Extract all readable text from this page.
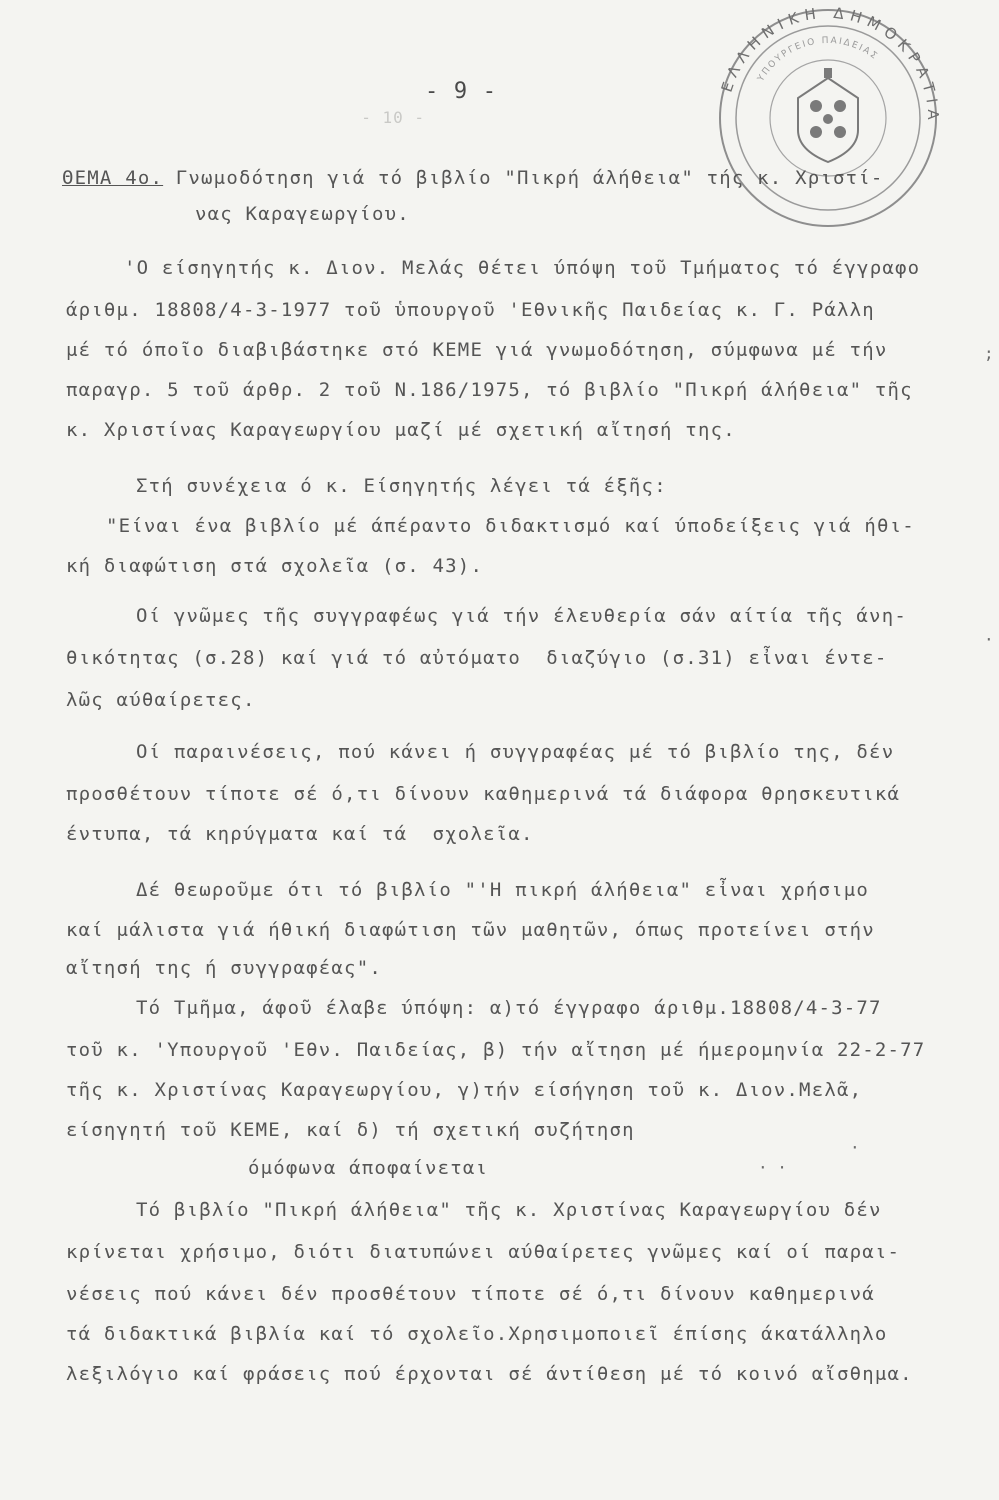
- 9 -	ΕΛΛΗΝΙΚΗ ΔΗΜΟΚΡΑΤΙΑ
ΥΠΟΥΡΓΕΙΟ ΠΑΙΔΕΙΑΣ
- 10 -
ΘΕΜΑ 4ο. Γνωμοδότηση γιά τό βιβλίο "Πικρή άλήθεια" τής κ. Χριστί-
νας Καραγεωργίου.
'Ο είσηγητής κ. Διον. Μελάς θέτει ύπόψη τοῦ Τμήματος τό έγγραφο
άριθμ. 18808/4-3-1977 τοῦ ὑπουργοῦ 'Εθνικῆς Παιδείας κ. Γ. Ράλλη
μέ τό όποῖο διαβιβάστηκε στό ΚΕΜΕ γιά γνωμοδότηση, σύμφωνα μέ τήν
παραγρ. 5 τοῦ άρθρ. 2 τοῦ Ν.186/1975, τό βιβλίο "Πικρή άλήθεια" τῆς
κ. Χριστίνας Καραγεωργίου μαζί μέ σχετική αἴτησή της.
Στή συνέχεια ό κ. Είσηγητής λέγει τά έξῆς:
"Είναι ένα βιβλίο μέ άπέραντο διδακτισμό καί ύποδείξεις γιά ήθι-
κή διαφώτιση στά σχολεῖα (σ. 43).
Οί γνῶμες τῆς συγγραφέως γιά τήν έλευθερία σάν αίτία τῆς άνη-
θικότητας (σ.28) καί γιά τό αὐτόματο  διαζύγιο (σ.31) εἶναι έντε-
λῶς αύθαίρετες.
Οί παραινέσεις, πού κάνει ή συγγραφέας μέ τό βιβλίο της, δέν
προσθέτουν τίποτε σέ ό,τι δίνουν καθημερινά τά διάφορα θρησκευτικά
έντυπα, τά κηρύγματα καί τά  σχολεῖα.
Δέ θεωροῦμε ότι τό βιβλίο "'Η πικρή άλήθεια" εἶναι χρήσιμο
καί μάλιστα γιά ήθική διαφώτιση τῶν μαθητῶν, όπως προτείνει στήν
αἴτησή της ή συγγραφέας".
Τό Τμῆμα, άφοῦ έλαβε ύπόψη: α)τό έγγραφο άριθμ.18808/4-3-77
τοῦ κ. 'Υπουργοῦ 'Εθν. Παιδείας, β) τήν αἴτηση μέ ήμερομηνία 22-2-77
τῆς κ. Χριστίνας Καραγεωργίου, γ)τήν είσήγηση τοῦ κ. Διον.Μελᾶ,
είσηγητή τοῦ ΚΕΜΕ, καί δ) τή σχετική συζήτηση
όμόφωνα άποφαίνεται
Τό βιβλίο "Πικρή άλήθεια" τῆς κ. Χριστίνας Καραγεωργίου δέν
κρίνεται χρήσιμο, διότι διατυπώνει αύθαίρετες γνῶμες καί οί παραι-
νέσεις πού κάνει δέν προσθέτουν τίποτε σέ ό,τι δίνουν καθημερινά
τά διδακτικά βιβλία καί τό σχολεῖο.Χρησιμοποιεῖ έπίσης άκατάλληλο
λεξιλόγιο καί φράσεις πού έρχονται σέ άντίθεση μέ τό κοινό αἴσθημα.
;
·
·
· ·
